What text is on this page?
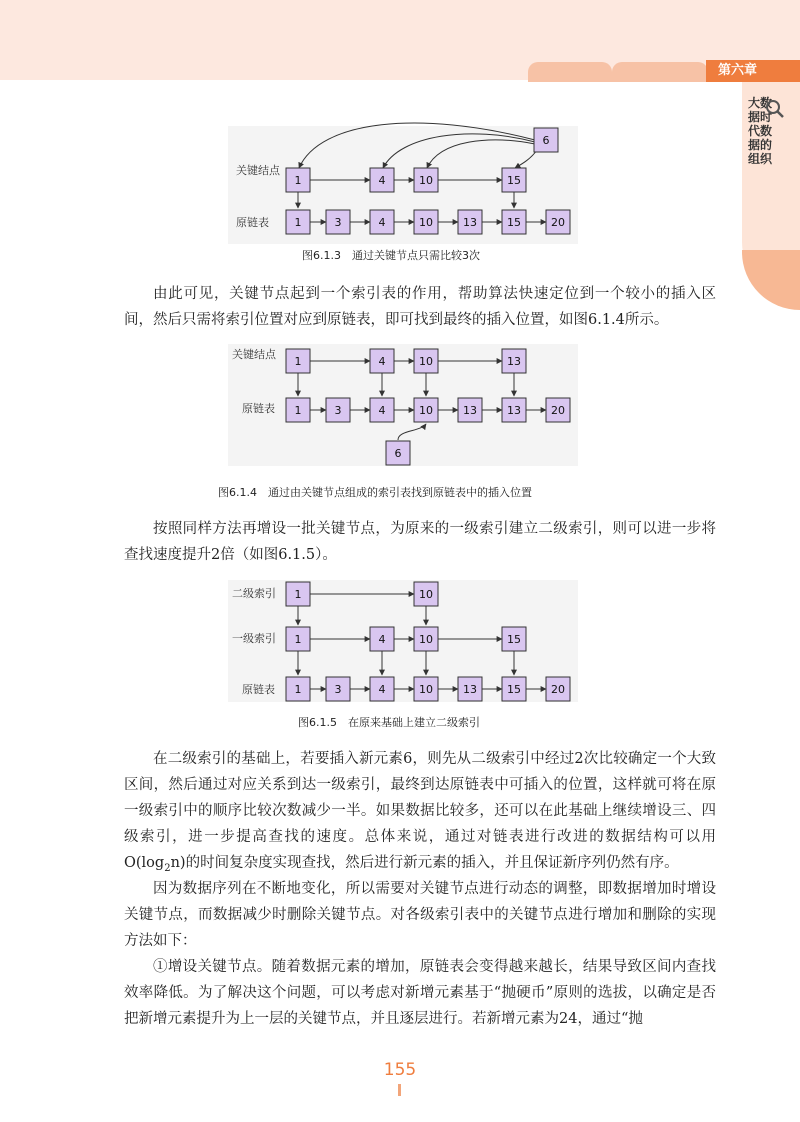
第六章
大数据时代数据的组织
关键结点
原链表
6
1	4	10	15
1	3	4	10	13	15	20
图6.1.3　通过关键节点只需比较3次

由此可见，关键节点起到一个索引表的作用，帮助算法快速定位到一个较小的插入区间，然后只需将索引位置对应到原链表，即可找到最终的插入位置，如图6.1.4所示。

关键结点
原链表
1	4	10	13
1	3	4	10	13	13	20
6
图6.1.4　通过由关键节点组成的索引表找到原链表中的插入位置

按照同样方法再增设一批关键节点，为原来的一级索引建立二级索引，则可以进一步将查找速度提升2倍（如图6.1.5）。

二级索引
一级索引
原链表
1	10
1	4	10	15
1	3	4	10	13	15	20
图6.1.5　在原来基础上建立二级索引

在二级索引的基础上，若要插入新元素6，则先从二级索引中经过2次比较确定一个大致区间，然后通过对应关系到达一级索引，最终到达原链表中可插入的位置，这样就可将在原一级索引中的顺序比较次数减少一半。如果数据比较多，还可以在此基础上继续增设三、四级索引，进一步提高查找的速度。总体来说，通过对链表进行改进的数据结构可以用$O(\log_2n)$的时间复杂度实现查找，然后进行新元素的插入，并且保证新序列仍然有序。

因为数据序列在不断地变化，所以需要对关键节点进行动态的调整，即数据增加时增设关键节点，而数据减少时删除关键节点。对各级索引表中的关键节点进行增加和删除的实现方法如下：

①增设关键节点。随着数据元素的增加，原链表会变得越来越长，结果导致区间内查找效率降低。为了解决这个问题，可以考虑对新增元素基于“抛硬币”原则的选拔，以确定是否把新增元素提升为上一层的关键节点，并且逐层进行。若新增元素为24，通过“抛

155
